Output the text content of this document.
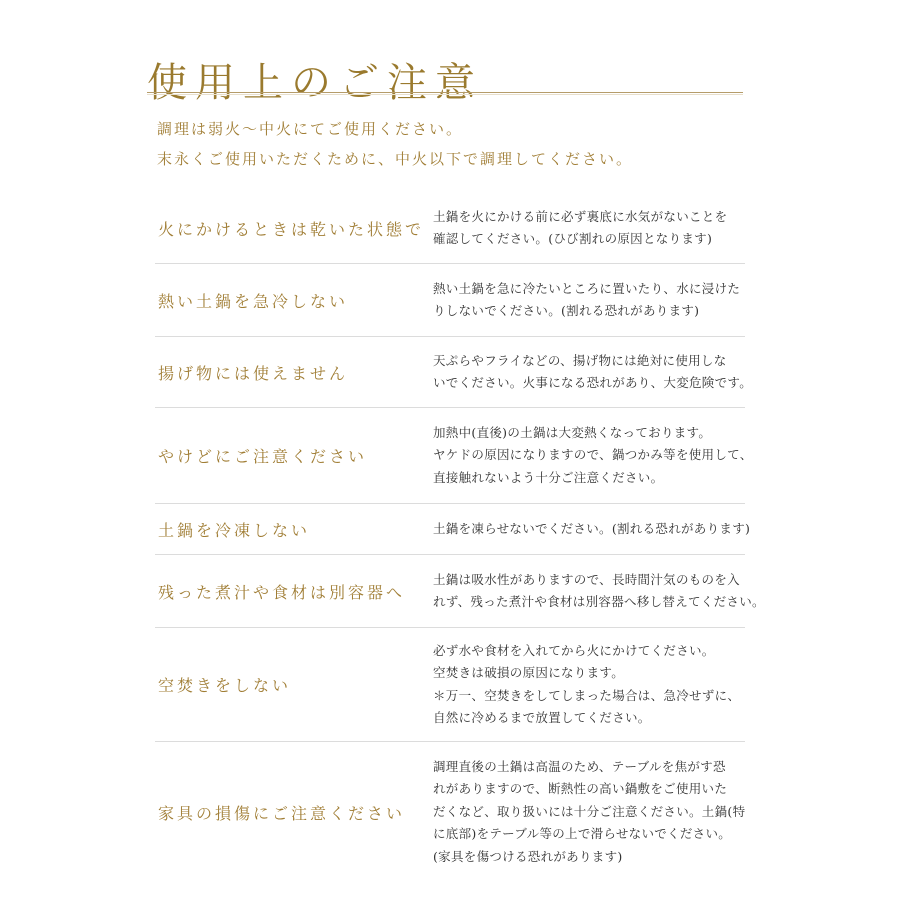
使用上のご注意

調理は弱火〜中火にてご使用ください。

末永くご使用いただくために、中火以下で調理してください。

火にかけるときは乾いた状態で
土鍋を火にかける前に必ず裏底に水気がないことを
確認してください。(ひび割れの原因となります)
熱い土鍋を急冷しない
熱い土鍋を急に冷たいところに置いたり、水に浸けた
りしないでください。(割れる恐れがあります)
揚げ物には使えません
天ぷらやフライなどの、揚げ物には絶対に使用しな
いでください。火事になる恐れがあり、大変危険です。
やけどにご注意ください
加熱中(直後)の土鍋は大変熱くなっております。
ヤケドの原因になりますので、鍋つかみ等を使用して、
直接触れないよう十分ご注意ください。
土鍋を冷凍しない	土鍋を凍らせないでください。(割れる恐れがあります)
残った煮汁や食材は別容器へ
土鍋は吸水性がありますので、長時間汁気のものを入
れず、残った煮汁や食材は別容器へ移し替えてください。
空焚きをしない
必ず水や食材を入れてから火にかけてください。
空焚きは破損の原因になります。
＊万一、空焚きをしてしまった場合は、急冷せずに、
自然に冷めるまで放置してください。
家具の損傷にご注意ください
調理直後の土鍋は高温のため、テーブルを焦がす恐
れがありますので、断熱性の高い鍋敷をご使用いた
だくなど、取り扱いには十分ご注意ください。土鍋(特
に底部)をテーブル等の上で滑らせないでください。
(家具を傷つける恐れがあります)
